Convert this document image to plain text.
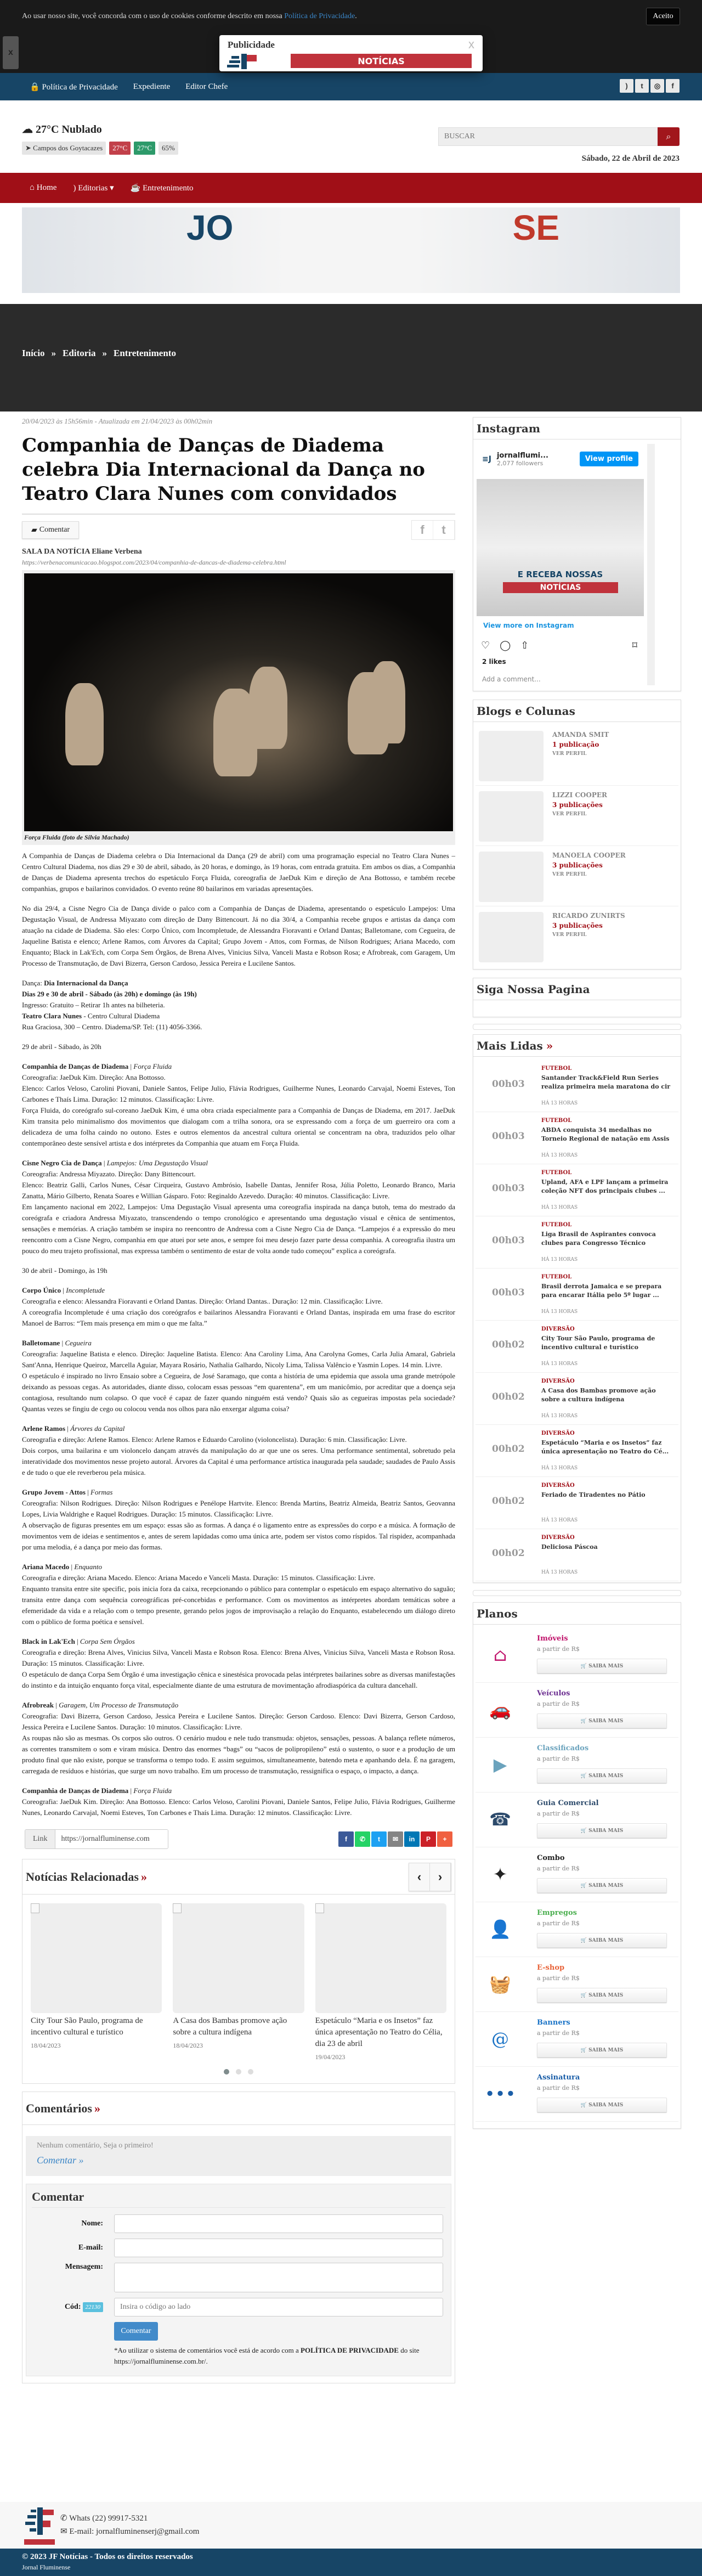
x
🔒 Política de Privacidade Expediente Editor Chefe	)	t	◎	f
☁ 27°C Nublado
➤ Campos dos Goytacazes	27°C	27°C	65%
BUSCAR
⌕
Sábado, 22 de Abril de 2023
⌂ Home ) Editorias ▾ ☕ Entretenimento
JO	SE
Início » Editoria » Entretenimento
20/04/2023 às 15h56min - Atualizada em 21/04/2023 às 00h02min
Companhia de Danças de Diadema celebra Dia Internacional da Dança no Teatro Clara Nunes com convidados
▰ Comentar	f	t
SALA DA NOTÍCIA Eliane Verbena
https://verbenacomunicacao.blogspot.com/2023/04/companhia-de-dancas-de-diadema-celebra.html
Força Fluida (foto de Silvia Machado)

A Companhia de Danças de Diadema celebra o Dia Internacional da Dança (29 de abril) com uma programação especial no Teatro Clara Nunes – Centro Cultural Diadema, nos dias 29 e 30 de abril, sábado, às 20 horas, e domingo, às 19 horas, com entrada gratuita. Em ambos os dias, a Companhia de Danças de Diadema apresenta trechos do espetáculo Força Fluida, coreografia de JaeDuk Kim e direção de Ana Bottosso, e também recebe companhias, grupos e bailarinos convidados. O evento reúne 80 bailarinos em variadas apresentações.

No dia 29/4, a Cisne Negro Cia de Dança divide o palco com a Companhia de Danças de Diadema, apresentando o espetáculo Lampejos: Uma Degustação Visual, de Andressa Miyazato com direção de Dany Bittencourt. Já no dia 30/4, a Companhia recebe grupos e artistas da dança com atuação na cidade de Diadema. São eles: Corpo Único, com Incompletude, de Alessandra Fioravanti e Orland Dantas; Balletomane, com Cegueira, de Jaqueline Batista e elenco; Arlene Ramos, com Árvores da Capital; Grupo Jovem - Attos, com Formas, de Nilson Rodrigues; Ariana Macedo, com Enquanto; Black in Lak'Ech, com Corpa Sem Órgãos, de Brena Alves, Vinicius Silva, Vanceli Masta e Robson Rosa; e Afrobreak, com Garagem, Um Processo de Transmutação, de Davi Bizerra, Gerson Cardoso, Jessica Pereira e Lucilene Santos.

Dança: Dia Internacional da Dança

Dias 29 e 30 de abril - Sábado (às 20h) e domingo (às 19h)

Ingresso: Gratuito – Retirar 1h antes na bilheteria.

Teatro Clara Nunes - Centro Cultural Diadema

Rua Graciosa, 300 – Centro. Diadema/SP. Tel: (11) 4056-3366.

29 de abril - Sábado, às 20h

Companhia de Danças de Diadema | Força Fluida
Coreografia: JaeDuk Kim. Direção: Ana Bottosso.
Elenco: Carlos Veloso, Carolini Piovani, Daniele Santos, Felipe Julio, Flávia Rodrigues, Guilherme Nunes, Leonardo Carvajal, Noemi Esteves, Ton Carbones e Thaís Lima. Duração: 12 minutos. Classificação: Livre.
Força Fluida, do coreógrafo sul-coreano JaeDuk Kim, é uma obra criada especialmente para a Companhia de Danças de Diadema, em 2017. JaeDuk Kim transita pelo minimalismo dos movimentos que dialogam com a trilha sonora, ora se expressando com a força de um guerreiro ora com a delicadeza de uma folha caindo no outono. Estes e outros elementos da ancestral cultura oriental se concentram na obra, traduzidos pelo olhar contemporâneo deste sensível artista e dos intérpretes da Companhia que atuam em Força Fluida.
Cisne Negro Cia de Dança | Lampejos: Uma Degustação Visual
Coreografia: Andressa Miyazato. Direção: Dany Bittencourt.
Elenco: Beatriz Galli, Carlos Nunes, César Cirqueira, Gustavo Ambrósio, Isabelle Dantas, Jennifer Rosa, Júlia Poletto, Leonardo Branco, Maria Zanatta, Mário Gilberto, Renata Soares e Willian Gásparo. Foto: Reginaldo Azevedo. Duração: 40 minutos. Classificação: Livre.
Em lançamento nacional em 2022, Lampejos: Uma Degustação Visual apresenta uma coreografia inspirada na dança butoh, tema do mestrado da coreógrafa e criadora Andressa Miyazato, transcendendo o tempo cronológico e apresentando uma degustação visual e cênica de sentimentos, sensações e memórias. A criação também se inspira no reencontro de Andressa com a Cisne Negro Cia de Dança. “Lampejos é a expressão do meu reencontro com a Cisne Negro, companhia em que atuei por sete anos, e sempre foi meu desejo fazer parte dessa companhia. A coreografia ilustra um pouco do meu trajeto profissional, mas expressa também o sentimento de estar de volta aonde tudo começou” explica a coreógrafa.

30 de abril - Domingo, às 19h

Corpo Único | Incompletude
Coreografia e elenco: Alessandra Fioravanti e Orland Dantas. Direção: Orland Dantas.. Duração: 12 min. Classificação: Livre.
A coreografia Incompletude é uma criação dos coreógrafos e bailarinos Alessandra Fioravanti e Orland Dantas, inspirada em uma frase do escritor Manoel de Barros: “Tem mais presença em mim o que me falta.”
Balletomane | Cegueira
Coreografia: Jaqueline Batista e elenco. Direção: Jaqueline Batista. Elenco: Ana Caroliny Lima, Ana Carolyna Gomes, Carla Julia Amaral, Gabriela Sant'Anna, Henrique Queiroz, Marcella Aguiar, Mayara Rosário, Nathalia Galhardo, Nicoly Lima, Talissa Valêncio e Yasmin Lopes. 14 min. Livre.
O espetáculo é inspirado no livro Ensaio sobre a Cegueira, de José Saramago, que conta a história de uma epidemia que assola uma grande metrópole deixando as pessoas cegas. As autoridades, diante disso, colocam essas pessoas “em quarentena”, em um manicômio, por acreditar que a doença seja contagiosa, resultando num colapso. O que você é capaz de fazer quando ninguém está vendo? Quais são as cegueiras impostas pela sociedade? Quantas vezes se fingiu de cego ou colocou venda nos olhos para não enxergar alguma coisa?
Arlene Ramos | Árvores da Capital
Coreografia e direção: Arlene Ramos. Elenco: Arlene Ramos e Eduardo Carolino (violoncelista). Duração: 6 min. Classificação: Livre.
Dois corpos, uma bailarina e um violoncelo dançam através da manipulação do ar que une os seres. Uma performance sentimental, sobretudo pela interatividade dos movimentos nesse projeto autoral. Árvores da Capital é uma performance artística inaugurada pela saudade; saudades de Paulo Assis e de tudo o que ele reverberou pela música.
Grupo Jovem - Attos | Formas
Coreografia: Nilson Rodrigues. Direção: Nilson Rodrigues e Penélope Hartvite. Elenco: Brenda Martins, Beatriz Almeida, Beatriz Santos, Geovanna Lopes, Livia Waldrighe e Raquel Rodrigues. Duração: 15 minutos. Classificação: Livre.
A observação de figuras presentes em um espaço: essas são as formas. A dança é o ligamento entre as expressões do corpo e a música. A formação de movimentos vem de ideias e sentimentos e, antes de serem lapidadas como uma única arte, podem ser vistos como ríspidos. Tal rispidez, acompanhada por uma melodia, é a dança por meio das formas.
Ariana Macedo | Enquanto
Coreografia e direção: Ariana Macedo. Elenco: Ariana Macedo e Vanceli Masta. Duração: 15 minutos. Classificação: Livre.
Enquanto transita entre site specific, pois inicia fora da caixa, recepcionando o público para contemplar o espetáculo em espaço alternativo do saguão; transita entre dança com sequência coreográficas pré-concebidas e performance. Com os movimentos as intérpretes abordam temáticas sobre a efemeridade da vida e a relação com o tempo presente, gerando pelos jogos de improvisação a relação do Enquanto, estabelecendo um diálogo direto com o público de forma poética e sensível.
Black in Lak'Ech | Corpa Sem Órgãos
Coreografia e direção: Brena Alves, Vinicius Silva, Vanceli Masta e Robson Rosa. Elenco: Brena Alves, Vinicius Silva, Vanceli Masta e Robson Rosa. Duração: 15 minutos. Classificação: Livre.
O espetáculo de dança Corpa Sem Órgão é uma investigação cênica e sinestésica provocada pelas intérpretes bailarines sobre as diversas manifestações do instinto e da intuição enquanto força vital, especialmente diante de uma estrutura de movimentação afrodiaspórica da cultura dancehall.
Afrobreak | Garagem, Um Processo de Transmutação
Coreografia: Davi Bizerra, Gerson Cardoso, Jessica Pereira e Lucilene Santos. Direção: Gerson Cardoso. Elenco: Davi Bizerra, Gerson Cardoso, Jessica Pereira e Lucilene Santos. Duração: 10 minutos. Classificação: Livre.
As roupas não são as mesmas. Os corpos são outros. O cenário mudou e nele tudo transmuda: objetos, sensações, pessoas. A balança reflete números, as correntes transmitem o som e viram música. Dentro das enormes “bags” ou “sacos de polipropileno” está o sustento, o suor e a produção de um produto final que não existe, porque se transforma o tempo todo. E assim seguimos, simultaneamente, batendo meta e apanhando dela. É na garagem, carregada de resíduos e histórias, que surge um novo trabalho. Em um processo de transmutação, ressignifica o espaço, o impacto, a dança.
Companhia de Danças de Diadema | Força Fluida
Coreografia: JaeDuk Kim. Direção: Ana Bottosso. Elenco: Carlos Veloso, Carolini Piovani, Daniele Santos, Felipe Julio, Flávia Rodrigues, Guilherme Nunes, Leonardo Carvajal, Noemi Esteves, Ton Carbones e Thaís Lima. Duração: 12 minutos. Classificação: Livre.
Link
https://jornalfluminense.com	f	✆	t	✉	in	P	+
Notícias Relacionadas »	‹	›
City Tour São Paulo, programa de incentivo cultural e turístico
18/04/2023
A Casa dos Bambas promove ação sobre a cultura indígena
18/04/2023
Espetáculo “Maria e os Insetos” faz única apresentação no Teatro do Célia, dia 23 de abril
19/04/2023
Comentários »
Nenhum comentário, Seja o primeiro!
Comentar »
Comentar
Nome:
E-mail:
Mensagem:
Cód: 22130
Insira o código ao lado
Comentar
*Ao utilizar o sistema de comentários você está de acordo com a POLÍTICA DE PRIVACIDADE do site https://jornalfluminense.com.br/.
✆ Whats (22) 99917-5321
✉ E-mail: jornalfluminenserj@gmail.com
© 2023 JF Notícias - Todos os direitos reservados
Jornal Fluminense
Instagram
≡J jornalflumi...
2,077 followers	View profile
E RECEBA NOSSAS
NOTÍCIAS
View more on Instagram
♡ ◯ ⇧	⌑
2 likes
Add a comment...
Blogs e Colunas
AMANDA SMIT
1 publicação
VER PERFIL
LIZZI COOPER
3 publicações
VER PERFIL
MANOELA COOPER
3 publicações
VER PERFIL
RICARDO ZUNIRTS
3 publicações
VER PERFIL
Siga Nossa Pagina
Mais Lidas »
00h03
FUTEBOL
Santander Track&Field Run Series realiza primeira meia maratona do cir
HÁ 13 HORAS
00h03
FUTEBOL
ABDA conquista 34 medalhas no Torneio Regional de natação em Assis
HÁ 13 HORAS
00h03
FUTEBOL
Upland, AFA e LPF lançam a primeira coleção NFT dos principais clubes ...
HÁ 13 HORAS
00h03
FUTEBOL
Liga Brasil de Aspirantes convoca clubes para Congresso Técnico
HÁ 13 HORAS
00h03
FUTEBOL
Brasil derrota Jamaica e se prepara para encarar Itália pelo 5º lugar ...
HÁ 13 HORAS
00h02
DIVERSÃO
City Tour São Paulo, programa de incentivo cultural e turístico
HÁ 13 HORAS
00h02
DIVERSÃO
A Casa dos Bambas promove ação sobre a cultura indígena
HÁ 13 HORAS
00h02
DIVERSÃO
Espetáculo “Maria e os Insetos” faz única apresentação no Teatro do Cé...
HÁ 13 HORAS
00h02
DIVERSÃO
Feriado de Tiradentes no Pátio
HÁ 13 HORAS
00h02
DIVERSÃO
Deliciosa Páscoa
HÁ 13 HORAS
Planos
⌂
Imóveis
a partir de R$
🛒 SAIBA MAIS
🚗
Veículos
a partir de R$
🛒 SAIBA MAIS
▶
Classificados
a partir de R$
🛒 SAIBA MAIS
☎
Guia Comercial
a partir de R$
🛒 SAIBA MAIS
✦
Combo
a partir de R$
🛒 SAIBA MAIS
👤
Empregos
a partir de R$
🛒 SAIBA MAIS
🧺
E-shop
a partir de R$
🛒 SAIBA MAIS
@
Banners
a partir de R$
🛒 SAIBA MAIS
•••
Assinatura
a partir de R$
🛒 SAIBA MAIS
Ao usar nosso site, você concorda com o uso de cookies conforme descrito em nossa Política de Privacidade.	Aceito
Publicidade	x
NOTÍCIAS
